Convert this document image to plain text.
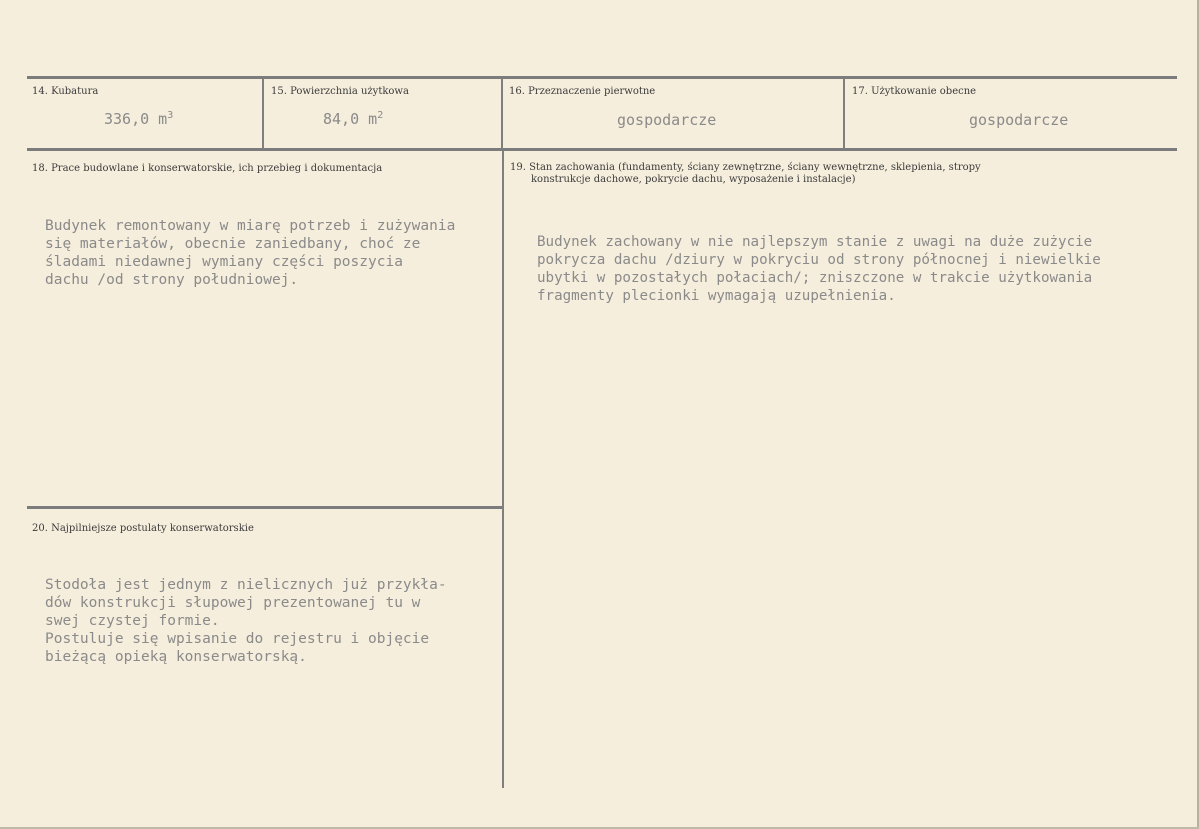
14. Kubatura
336,0 $m^3$
15. Powierzchnia użytkowa
84,0 $m^2$
16. Przeznaczenie pierwotne
gospodarcze
17. Użytkowanie obecne
gospodarcze
18. Prace budowlane i konserwatorskie, ich przebieg i dokumentacja
Budynek remontowany w miarę potrzeb i zużywania
się materiałów, obecnie zaniedbany, choć ze
śladami niedawnej wymiany części poszycia
dachu /od strony południowej.
19. Stan zachowania (fundamenty, ściany zewnętrzne, ściany wewnętrzne, sklepienia, stropy
konstrukcje dachowe, pokrycie dachu, wyposażenie i instalacje)
Budynek zachowany w nie najlepszym stanie z uwagi na duże zużycie
pokrycza dachu /dziury w pokryciu od strony północnej i niewielkie
ubytki w pozostałych połaciach/; zniszczone w trakcie użytkowania
fragmenty plecionki wymagają uzupełnienia.
20. Najpilniejsze postulaty konserwatorskie
Stodoła jest jednym z nielicznych już przykła-
dów konstrukcji słupowej prezentowanej tu w
swej czystej formie.
Postuluje się wpisanie do rejestru i objęcie
bieżącą opieką konserwatorską.
